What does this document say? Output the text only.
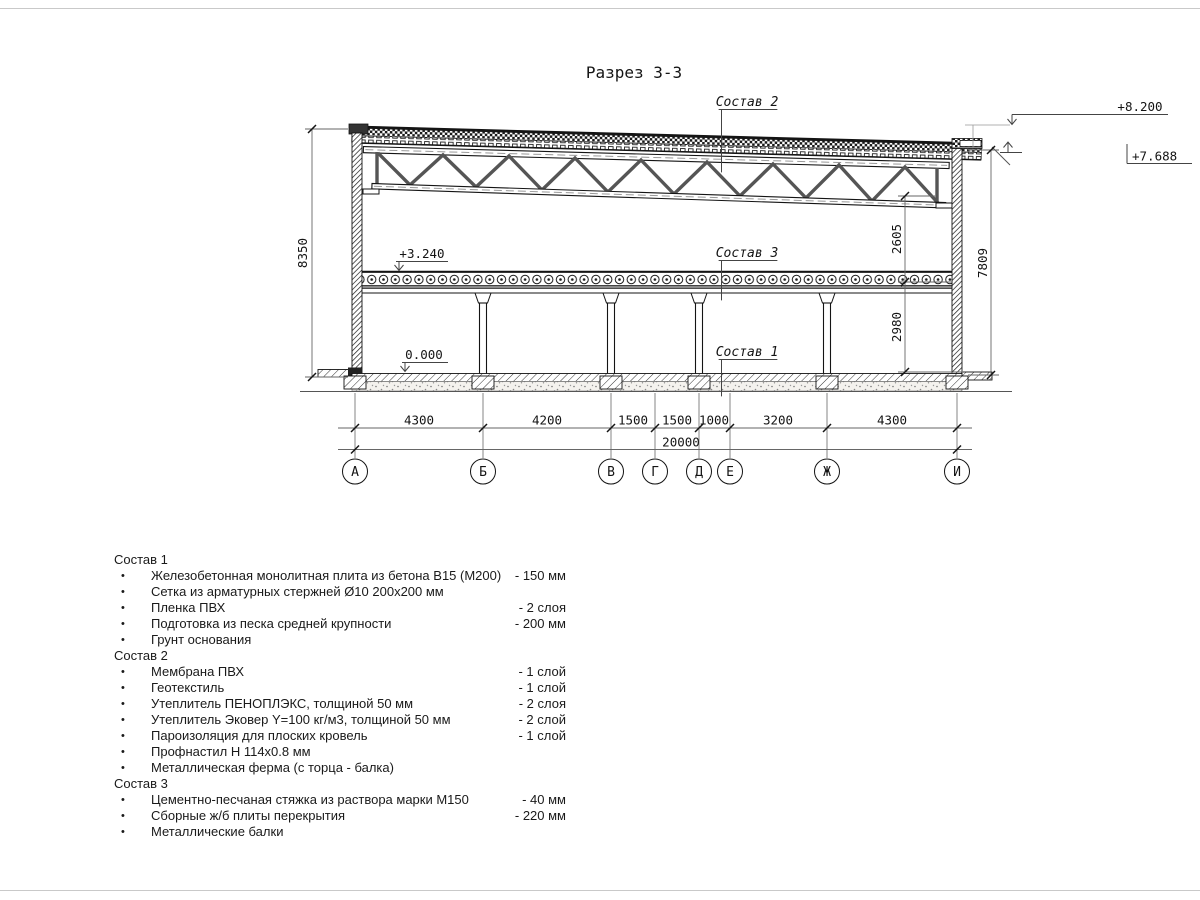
Разрез 3-3
Состав 2
Состав 3
Состав 1
+8.200
+7.688
+3.240
0.000
8350	2605
2980
7809
4300	4200	1500 1500 1000	3200	4300
20000
А	Б	В	Г	Д Е	Ж	И
Состав 1
•	Железобетонная монолитная плита из бетона В15 (М200) - 150 мм
•	Сетка из арматурных стержней Ø10 200x200 мм
•	Пленка ПВХ	- 2 слоя
•	Подготовка из песка средней крупности	- 200 мм
•	Грунт основания
Состав 2
•	Мембрана ПВХ	- 1 слой
•	Геотекстиль	- 1 слой
•	Утеплитель ПЕНОПЛЭКС, толщиной 50 мм	- 2 слоя
•	Утеплитель Эковер Y=100 кг/м3, толщиной 50 мм	- 2 слой
•	Пароизоляция для плоских кровель	- 1 слой
•	Профнастил Н 114x0.8 мм
•	Металлическая ферма (с торца - балка)
Состав 3
•	Цементно-песчаная стяжка из раствора марки М150	- 40 мм
•	Сборные ж/б плиты перекрытия	- 220 мм
•	Металлические балки
